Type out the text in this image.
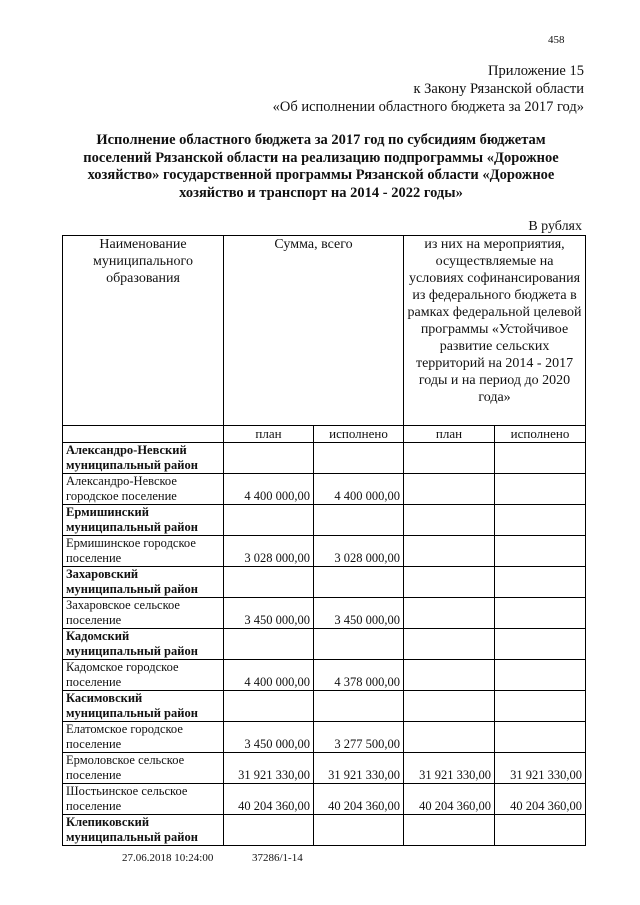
458
Приложение 15
к Закону Рязанской области
«Об исполнении областного бюджета за 2017 год»
Исполнение областного бюджета за 2017 год по субсидиям бюджетам поселений Рязанской области на реализацию подпрограммы «Дорожное хозяйство» государственной программы Рязанской области «Дорожное хозяйство и транспорт на 2014 - 2022 годы»
В рублях
Наименование муниципального образования	Сумма, всего		из них на мероприятия, осуществляемые на условиях софинансирования из федерального бюджета в рамках федеральной целевой программы «Устойчивое развитие сельских территорий на 2014 - 2017 годы и на период до 2020 года»	
	план	исполнено	план	исполнено
Александро-Невский муниципальный район				
Александро-Невское городское поселение	4 400 000,00	4 400 000,00		
Ермишинский муниципальный район				
Ермишинское городское поселение	3 028 000,00	3 028 000,00		
Захаровский муниципальный район				
Захаровское сельское поселение	3 450 000,00	3 450 000,00		
Кадомский муниципальный район				
Кадомское городское поселение	4 400 000,00	4 378 000,00		
Касимовский муниципальный район				
Елатомское городское поселение	3 450 000,00	3 277 500,00		
Ермоловское сельское поселение	31 921 330,00	31 921 330,00	31 921 330,00	31 921 330,00
Шостьинское сельское поселение	40 204 360,00	40 204 360,00	40 204 360,00	40 204 360,00
Клепиковский муниципальный район				
27.06.2018 10:24:00	37286/1-14
